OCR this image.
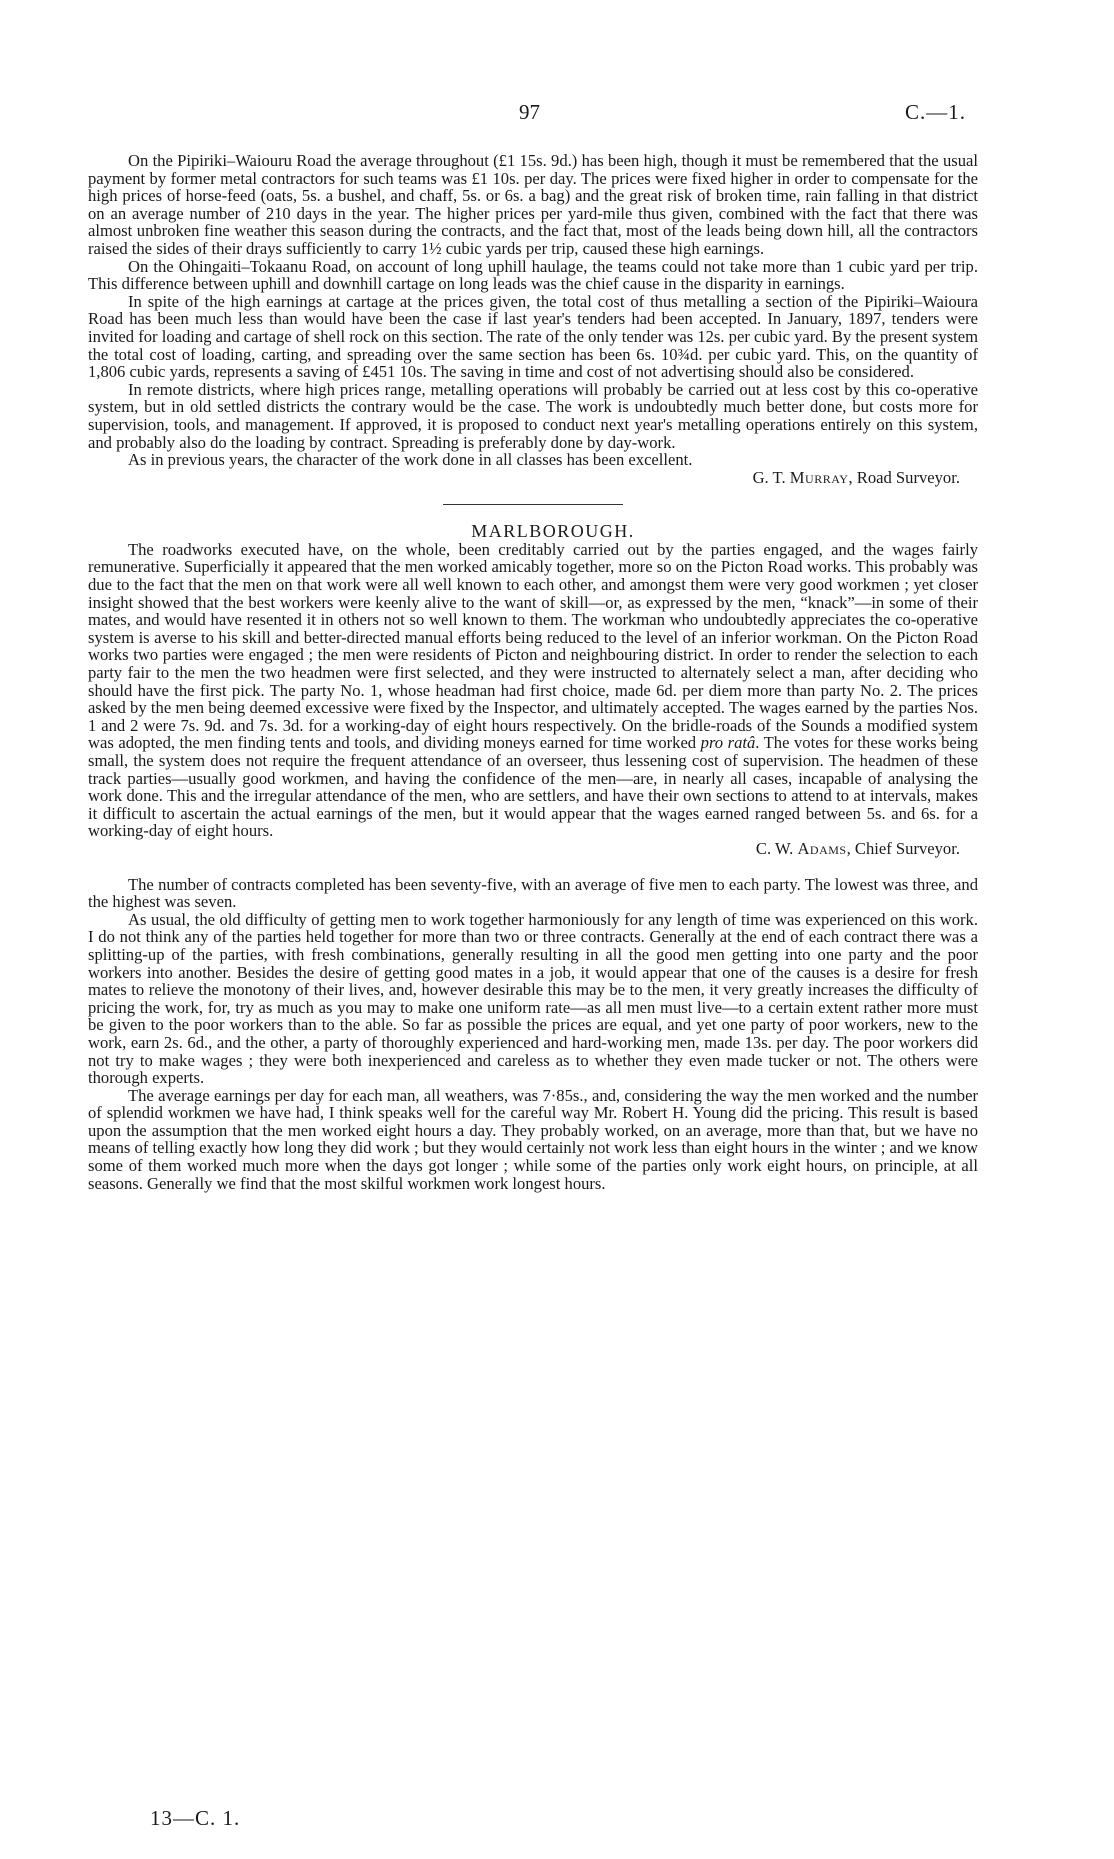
97	C.—1.

On the Pipiriki–Waiouru Road the average throughout (£1 15s. 9d.) has been high, though it must be remembered that the usual payment by former metal contractors for such teams was £1 10s. per day. The prices were fixed higher in order to compensate for the high prices of horse-feed (oats, 5s. a bushel, and chaff, 5s. or 6s. a bag) and the great risk of broken time, rain falling in that district on an average number of 210 days in the year. The higher prices per yard-mile thus given, combined with the fact that there was almost unbroken fine weather this season during the contracts, and the fact that, most of the leads being down hill, all the contractors raised the sides of their drays sufficiently to carry 1½ cubic yards per trip, caused these high earnings.

On the Ohingaiti–Tokaanu Road, on account of long uphill haulage, the teams could not take more than 1 cubic yard per trip. This difference between uphill and downhill cartage on long leads was the chief cause in the disparity in earnings.

In spite of the high earnings at cartage at the prices given, the total cost of thus metalling a section of the Pipiriki–Waioura Road has been much less than would have been the case if last year's tenders had been accepted. In January, 1897, tenders were invited for loading and cartage of shell rock on this section. The rate of the only tender was 12s. per cubic yard. By the present system the total cost of loading, carting, and spreading over the same section has been 6s. 10¾d. per cubic yard. This, on the quantity of 1,806 cubic yards, represents a saving of £451 10s. The saving in time and cost of not advertising should also be considered.

In remote districts, where high prices range, metalling operations will probably be carried out at less cost by this co-operative system, but in old settled districts the contrary would be the case. The work is undoubtedly much better done, but costs more for supervision, tools, and management. If approved, it is proposed to conduct next year's metalling operations entirely on this system, and probably also do the loading by contract. Spreading is preferably done by day-work.

As in previous years, the character of the work done in all classes has been excellent.

G. T. Murray, Road Surveyor.

MARLBOROUGH.

The roadworks executed have, on the whole, been creditably carried out by the parties engaged, and the wages fairly remunerative. Superficially it appeared that the men worked amicably together, more so on the Picton Road works. This probably was due to the fact that the men on that work were all well known to each other, and amongst them were very good workmen ; yet closer insight showed that the best workers were keenly alive to the want of skill—or, as expressed by the men, “knack”—in some of their mates, and would have resented it in others not so well known to them. The workman who undoubtedly appreciates the co-operative system is averse to his skill and better-directed manual efforts being reduced to the level of an inferior workman. On the Picton Road works two parties were engaged ; the men were residents of Picton and neighbouring district. In order to render the selection to each party fair to the men the two headmen were first selected, and they were instructed to alternately select a man, after deciding who should have the first pick. The party No. 1, whose headman had first choice, made 6d. per diem more than party No. 2. The prices asked by the men being deemed excessive were fixed by the Inspector, and ultimately accepted. The wages earned by the parties Nos. 1 and 2 were 7s. 9d. and 7s. 3d. for a working-day of eight hours respectively. On the bridle-roads of the Sounds a modified system was adopted, the men finding tents and tools, and dividing moneys earned for time worked pro ratâ. The votes for these works being small, the system does not require the frequent attendance of an overseer, thus lessening cost of supervision. The headmen of these track parties—usually good workmen, and having the confidence of the men—are, in nearly all cases, incapable of analysing the work done. This and the irregular attendance of the men, who are settlers, and have their own sections to attend to at intervals, makes it difficult to ascertain the actual earnings of the men, but it would appear that the wages earned ranged between 5s. and 6s. for a working-day of eight hours.

C. W. Adams, Chief Surveyor.

The number of contracts completed has been seventy-five, with an average of five men to each party. The lowest was three, and the highest was seven.

As usual, the old difficulty of getting men to work together harmoniously for any length of time was experienced on this work. I do not think any of the parties held together for more than two or three contracts. Generally at the end of each contract there was a splitting-up of the parties, with fresh combinations, generally resulting in all the good men getting into one party and the poor workers into another. Besides the desire of getting good mates in a job, it would appear that one of the causes is a desire for fresh mates to relieve the monotony of their lives, and, however desirable this may be to the men, it very greatly increases the difficulty of pricing the work, for, try as much as you may to make one uniform rate—as all men must live—to a certain extent rather more must be given to the poor workers than to the able. So far as possible the prices are equal, and yet one party of poor workers, new to the work, earn 2s. 6d., and the other, a party of thoroughly experienced and hard-working men, made 13s. per day. The poor workers did not try to make wages ; they were both inexperienced and careless as to whether they even made tucker or not. The others were thorough experts.

The average earnings per day for each man, all weathers, was 7·85s., and, considering the way the men worked and the number of splendid workmen we have had, I think speaks well for the careful way Mr. Robert H. Young did the pricing. This result is based upon the assumption that the men worked eight hours a day. They probably worked, on an average, more than that, but we have no means of telling exactly how long they did work ; but they would certainly not work less than eight hours in the winter ; and we know some of them worked much more when the days got longer ; while some of the parties only work eight hours, on principle, at all seasons. Generally we find that the most skilful workmen work longest hours.

13—C. 1.
